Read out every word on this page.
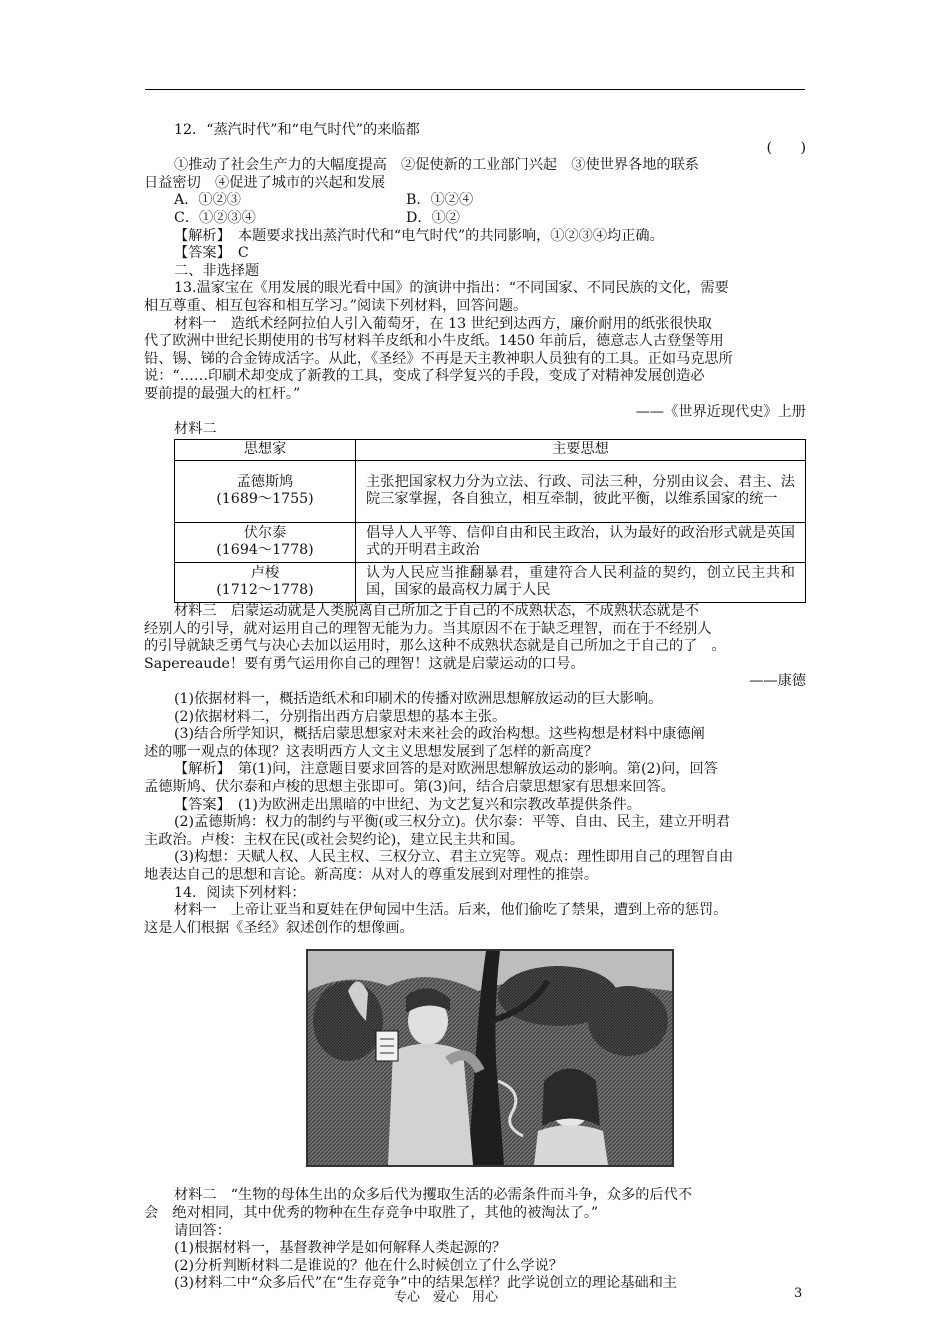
12．“蒸汽时代”和“电气时代”的来临都
(　　)
①推动了社会生产力的大幅度提高　②促使新的工业部门兴起　③使世界各地的联系
日益密切　④促进了城市的兴起和发展
A．①②③	B．①②④
C．①②③④	D．①②
【解析】　本题要求找出蒸汽时代和“电气时代”的共同影响，①②③④均正确。
【答案】　C
二、非选择题
13.温家宝在《用发展的眼光看中国》的演讲中指出：“不同国家、不同民族的文化，需要
相互尊重、相互包容和相互学习。”阅读下列材料，回答问题。
材料一　造纸术经阿拉伯人引入葡萄牙，在 13 世纪到达西方，廉价耐用的纸张很快取
代了欧洲中世纪长期使用的书写材料羊皮纸和小牛皮纸。1450 年前后，德意志人古登堡等用
铅、锡、锑的合金铸成活字。从此，《圣经》不再是天主教神职人员独有的工具。正如马克思所
说：“……印刷术却变成了新教的工具，变成了科学复兴的手段，变成了对精神发展创造必
要前提的最强大的杠杆。”
——《世界近现代史》上册
材料二
思想家	主要思想

孟德斯鸠
(1689～1755)	主张把国家权力分为立法、行政、司法三种，分别由议会、君主、法院三家掌握，各自独立，相互牵制，彼此平衡，以维系国家的统一

伏尔泰
(1694～1778)	倡导人人平等、信仰自由和民主政治，认为最好的政治形式就是英国式的开明君主政治

卢梭
(1712～1778)	认为人民应当推翻暴君，重建符合人民利益的契约，创立民主共和国，国家的最高权力属于人民
材料三　启蒙运动就是人类脱离自己所加之于自己的不成熟状态，不成熟状态就是不
经别人的引导，就对运用自己的理智无能为力。当其原因不在于缺乏理智，而在于不经别人
的引导就缺乏勇气与决心去加以运用时，那么这种不成熟状态就是自己所加之于自己的了　。
Sapereaude！要有勇气运用你自己的理智！这就是启蒙运动的口号。
——康德
(1)依据材料一，概括造纸术和印刷术的传播对欧洲思想解放运动的巨大影响。
(2)依据材料二，分别指出西方启蒙思想的基本主张。
(3)结合所学知识，概括启蒙思想家对未来社会的政治构想。这些构想是材料中康德阐
述的哪一观点的体现？这表明西方人文主义思想发展到了怎样的新高度？
【解析】　第(1)问，注意题目要求回答的是对欧洲思想解放运动的影响。第(2)问，回答
孟德斯鸠、伏尔泰和卢梭的思想主张即可。第(3)问，结合启蒙思想家有思想来回答。
【答案】　(1)为欧洲走出黑暗的中世纪、为文艺复兴和宗教改革提供条件。
(2)孟德斯鸠：权力的制约与平衡(或三权分立)。伏尔泰：平等、自由、民主，建立开明君
主政治。卢梭：主权在民(或社会契约论)，建立民主共和国。
(3)构想：天赋人权、人民主权、三权分立、君主立宪等。观点：理性即用自己的理智自由
地表达自己的思想和言论。新高度：从对人的尊重发展到对理性的推崇。
14．阅读下列材料：
材料一　上帝让亚当和夏娃在伊甸园中生活。后来，他们偷吃了禁果，遭到上帝的惩罚。
这是人们根据《圣经》叙述创作的想像画。
材料二　“生物的母体生出的众多后代为攫取生活的必需条件而斗争，众多的后代不
会　绝对相同，其中优秀的物种在生存竞争中取胜了，其他的被淘汰了。”
请回答：
(1)根据材料一，基督教神学是如何解释人类起源的？
(2)分析判断材料二是谁说的？他在什么时候创立了什么学说？
(3)材料二中“众多后代”在“生存竞争”中的结果怎样？此学说创立的理论基础和主
专心　爱心　用心	3
